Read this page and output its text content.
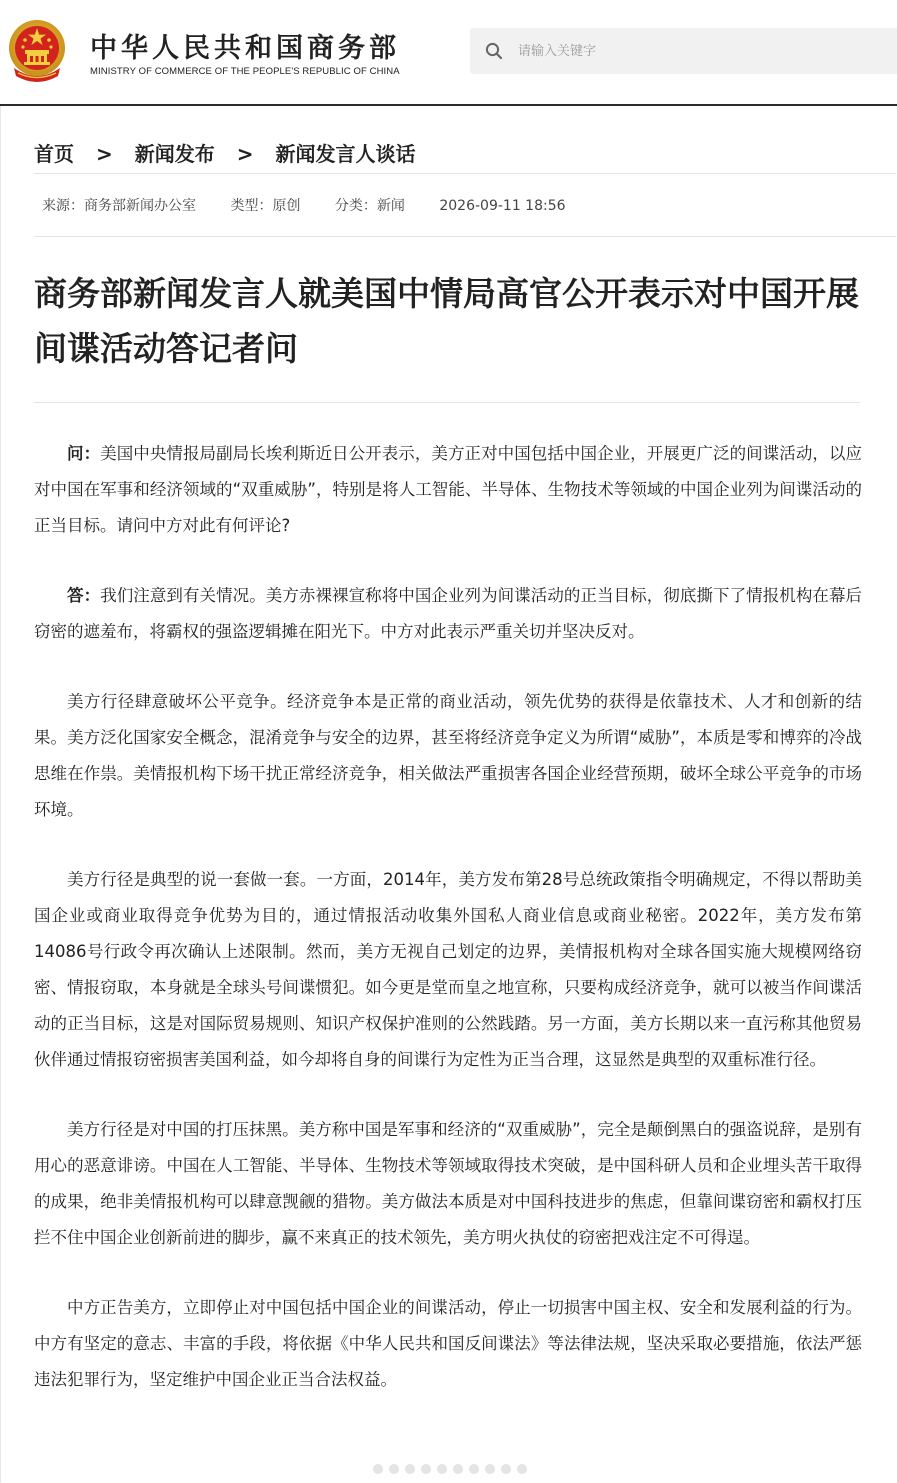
中华人民共和国商务部
MINISTRY OF COMMERCE OF THE PEOPLE'S REPUBLIC OF CHINA
请输入关键字
首页 > 新闻发布 > 新闻发言人谈话
来源：商务部新闻办公室 类型：原创 分类：新闻 2026-09-11 18:56
商务部新闻发言人就美国中情局高官公开表示对中国开展间谍活动答记者问

问：美国中央情报局副局长埃利斯近日公开表示，美方正对中国包括中国企业，开展更广泛的间谍活动，以应对中国在军事和经济领域的“双重威胁”，特别是将人工智能、半导体、生物技术等领域的中国企业列为间谍活动的正当目标。请问中方对此有何评论?

答：我们注意到有关情况。美方赤裸裸宣称将中国企业列为间谍活动的正当目标，彻底撕下了情报机构在幕后窃密的遮羞布，将霸权的强盗逻辑摊在阳光下。中方对此表示严重关切并坚决反对。

美方行径肆意破坏公平竞争。经济竞争本是正常的商业活动，领先优势的获得是依靠技术、人才和创新的结果。美方泛化国家安全概念，混淆竞争与安全的边界，甚至将经济竞争定义为所谓“威胁”，本质是零和博弈的冷战思维在作祟。美情报机构下场干扰正常经济竞争，相关做法严重损害各国企业经营预期，破坏全球公平竞争的市场环境。

美方行径是典型的说一套做一套。一方面，2014年，美方发布第28号总统政策指令明确规定，不得以帮助美国企业或商业取得竞争优势为目的，通过情报活动收集外国私人商业信息或商业秘密。2022年，美方发布第14086号行政令再次确认上述限制。然而，美方无视自己划定的边界，美情报机构对全球各国实施大规模网络窃密、情报窃取，本身就是全球头号间谍惯犯。如今更是堂而皇之地宣称，只要构成经济竞争，就可以被当作间谍活动的正当目标，这是对国际贸易规则、知识产权保护准则的公然践踏。另一方面，美方长期以来一直污称其他贸易伙伴通过情报窃密损害美国利益，如今却将自身的间谍行为定性为正当合理，这显然是典型的双重标准行径。

美方行径是对中国的打压抹黑。美方称中国是军事和经济的“双重威胁”，完全是颠倒黑白的强盗说辞，是别有用心的恶意诽谤。中国在人工智能、半导体、生物技术等领域取得技术突破，是中国科研人员和企业埋头苦干取得的成果，绝非美情报机构可以肆意觊觎的猎物。美方做法本质是对中国科技进步的焦虑，但靠间谍窃密和霸权打压拦不住中国企业创新前进的脚步，赢不来真正的技术领先，美方明火执仗的窃密把戏注定不可得逞。

中方正告美方，立即停止对中国包括中国企业的间谍活动，停止一切损害中国主权、安全和发展利益的行为。中方有坚定的意志、丰富的手段，将依据《中华人民共和国反间谍法》等法律法规，坚决采取必要措施，依法严惩违法犯罪行为，坚定维护中国企业正当合法权益。
